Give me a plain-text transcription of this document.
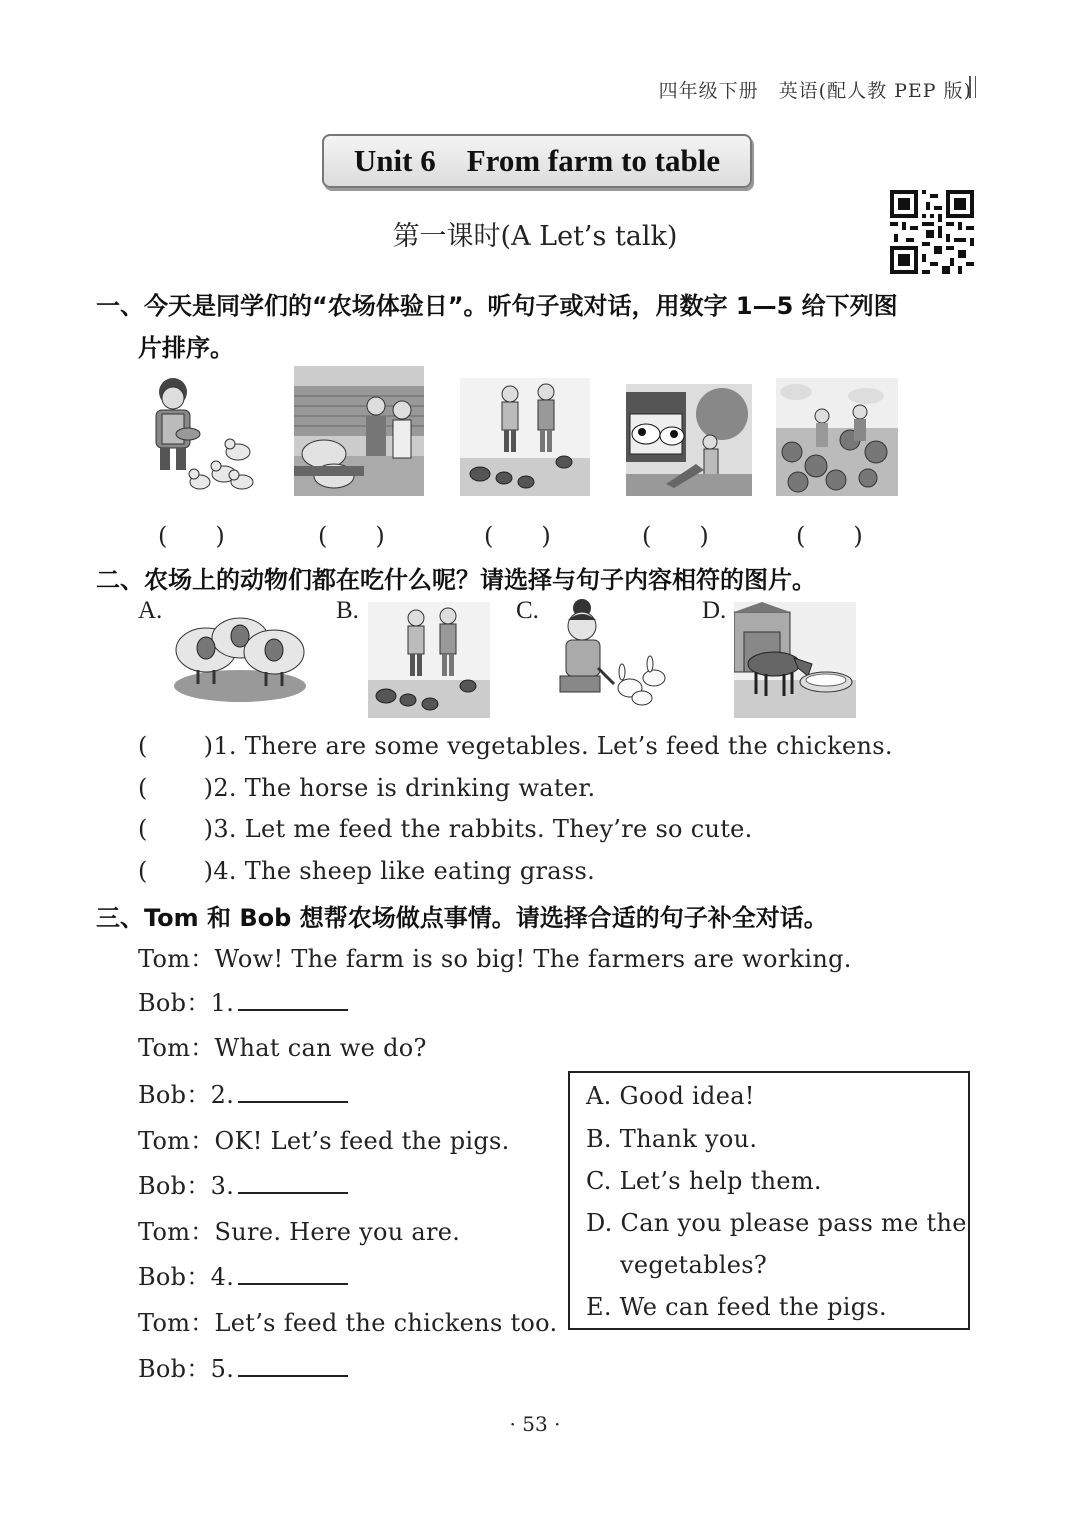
四年级下册　英语(配人教 PEP 版)
Unit 6　From farm to table
第一课时(A Let’s talk)
一、今天是同学们的“农场体验日”。听句子或对话，用数字 1—5 给下列图
片排序。
(　　)	(　　)	(　　)	(　　)	(　　)
二、农场上的动物们都在吃什么呢？请选择与句子内容相符的图片。
A.	B.	C.	D.
( )1. There are some vegetables. Let’s feed the chickens.
( )2. The horse is drinking water.
( )3. Let me feed the rabbits. They’re so cute.
( )4. The sheep like eating grass.
三、Tom 和 Bob 想帮农场做点事情。请选择合适的句子补全对话。
Tom：Wow! The farm is so big! The farmers are working.
Bob：1.
Tom：What can we do?
Bob：2.
Tom：OK! Let’s feed the pigs.
Bob：3.
Tom：Sure. Here you are.
Bob：4.
Tom：Let’s feed the chickens too.
Bob：5.
A. Good idea!
B. Thank you.
C. Let’s help them.
D. Can you please pass me the
vegetables?
E. We can feed the pigs.
· 53 ·
